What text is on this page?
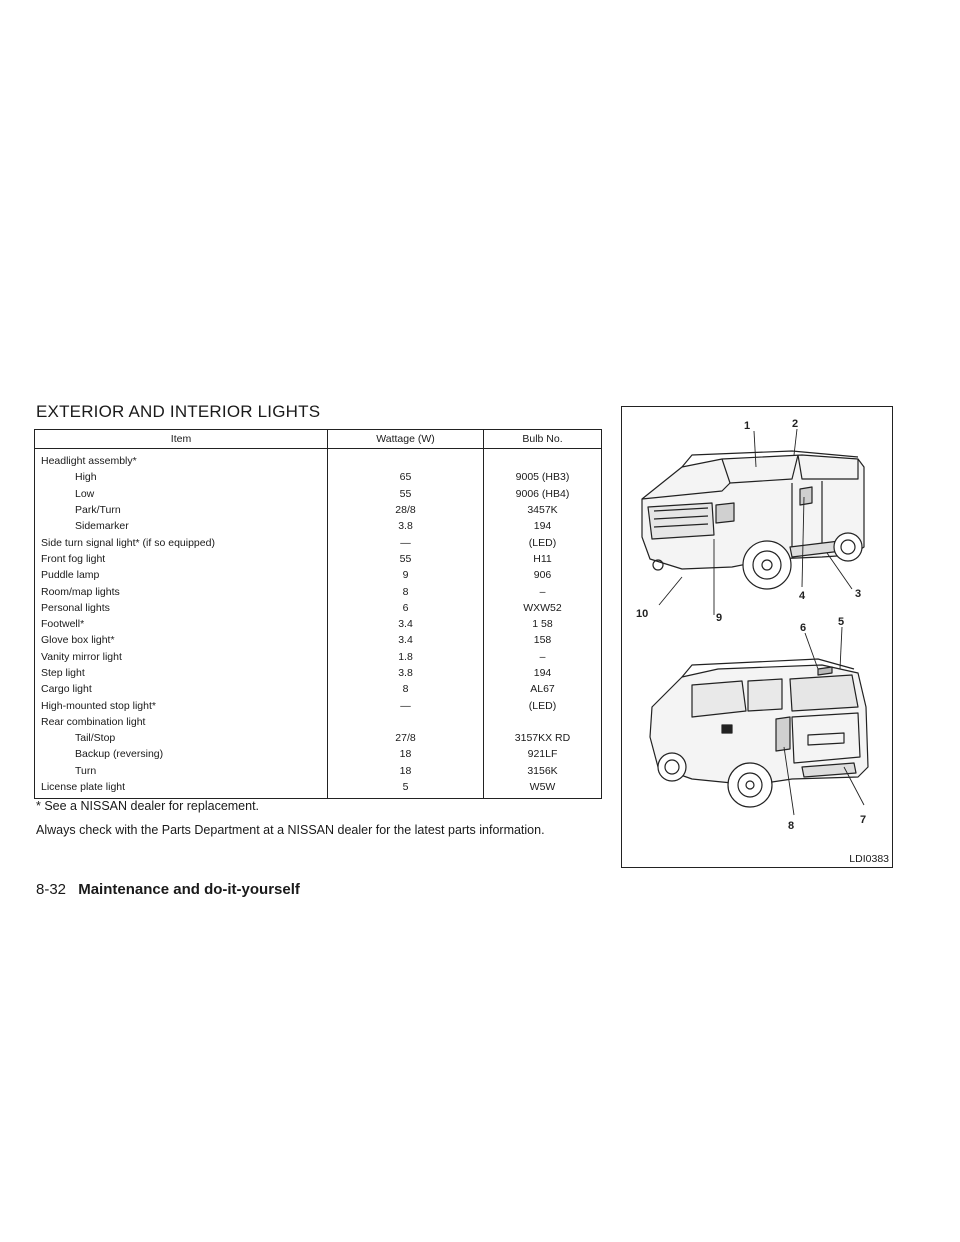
EXTERIOR AND INTERIOR LIGHTS
Item	Wattage (W)	Bulb No.
Headlight assembly*		
High	65	9005 (HB3)
Low	55	9006 (HB4)
Park/Turn	28/8	3457K
Sidemarker	3.8	194
Side turn signal light* (if so equipped)	—	(LED)
Front fog light	55	H11
Puddle lamp	9	906
Room/map lights	8	–
Personal lights	6	WXW52
Footwell*	3.4	1 58
Glove box light*	3.4	158
Vanity mirror light	1.8	–
Step light	3.8	194
Cargo light	8	AL67
High-mounted stop light*	—	(LED)
Rear combination light		
Tail/Stop	27/8	3157KX RD
Backup (reversing)	18	921LF
Turn	18	3156K
License plate light	5	W5W

* See a NISSAN dealer for replacement.

Always check with the Parts Department at a NISSAN dealer for the latest parts information.

1	2
3
4
5
6
7
8
9
10
LDI0383
8-32 Maintenance and do-it-yourself
